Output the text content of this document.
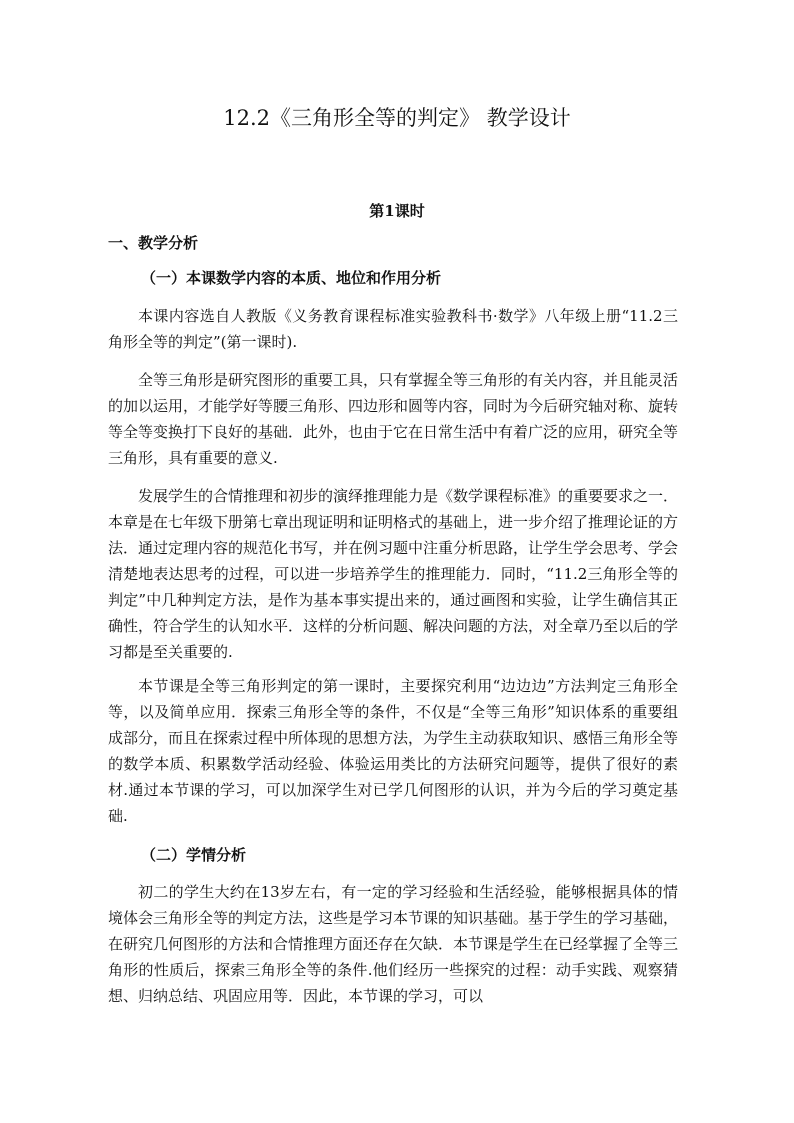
12.2《三角形全等的判定》 教学设计
第1课时
一、教学分析
（一）本课数学内容的本质、地位和作用分析

本课内容选自人教版《义务教育课程标准实验教科书·数学》八年级上册“11.2三角形全等的判定”(第一课时).

全等三角形是研究图形的重要工具，只有掌握全等三角形的有关内容，并且能灵活的加以运用，才能学好等腰三角形、四边形和圆等内容，同时为今后研究轴对称、旋转等全等变换打下良好的基础．此外，也由于它在日常生活中有着广泛的应用，研究全等三角形，具有重要的意义.

发展学生的合情推理和初步的演绎推理能力是《数学课程标准》的重要要求之一．本章是在七年级下册第七章出现证明和证明格式的基础上，进一步介绍了推理论证的方法．通过定理内容的规范化书写，并在例习题中注重分析思路，让学生学会思考、学会清楚地表达思考的过程，可以进一步培养学生的推理能力．同时，“11.2三角形全等的判定”中几种判定方法，是作为基本事实提出来的，通过画图和实验，让学生确信其正确性，符合学生的认知水平．这样的分析问题、解决问题的方法，对全章乃至以后的学习都是至关重要的.

本节课是全等三角形判定的第一课时，主要探究利用“边边边”方法判定三角形全等，以及简单应用．探索三角形全等的条件，不仅是“全等三角形”知识体系的重要组成部分，而且在探索过程中所体现的思想方法，为学生主动获取知识、感悟三角形全等的数学本质、积累数学活动经验、体验运用类比的方法研究问题等，提供了很好的素材.通过本节课的学习，可以加深学生对已学几何图形的认识，并为今后的学习奠定基础.

（二）学情分析

初二的学生大约在13岁左右，有一定的学习经验和生活经验，能够根据具体的情境体会三角形全等的判定方法，这些是学习本节课的知识基础。基于学生的学习基础，在研究几何图形的方法和合情推理方面还存在欠缺．本节课是学生在已经掌握了全等三角形的性质后，探索三角形全等的条件.他们经历一些探究的过程：动手实践、观察猜想、归纳总结、巩固应用等．因此，本节课的学习，可以
